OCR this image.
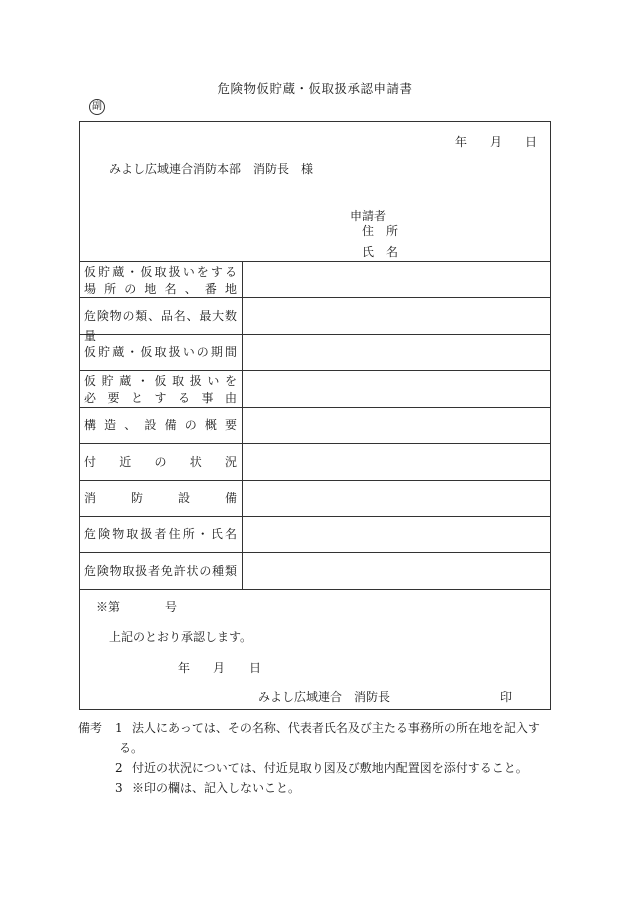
危険物仮貯蔵・仮取扱承認申請書
副
年 月 日
みよし広域連合消防本部　消防長　様
申請者
住　所
氏　名
仮貯蔵・仮取扱いをする
場所の地名、番地
危険物の類、品名、最大数量
仮貯蔵・仮取扱いの期間
仮貯蔵・仮取扱いを
必要とする事由
構造、設備の概要
付近の状況
消防設備
危険物取扱者住所・氏名
危険物取扱者免許状の種類
※第	号
上記のとおり承認します。
年 月 日
みよし広域連合　消防長	印
備考 1 法人にあっては、その名称、代表者氏名及び主たる事務所の所在地を記入す
る。
2 付近の状況については、付近見取り図及び敷地内配置図を添付すること。
3 ※印の欄は、記入しないこと。
